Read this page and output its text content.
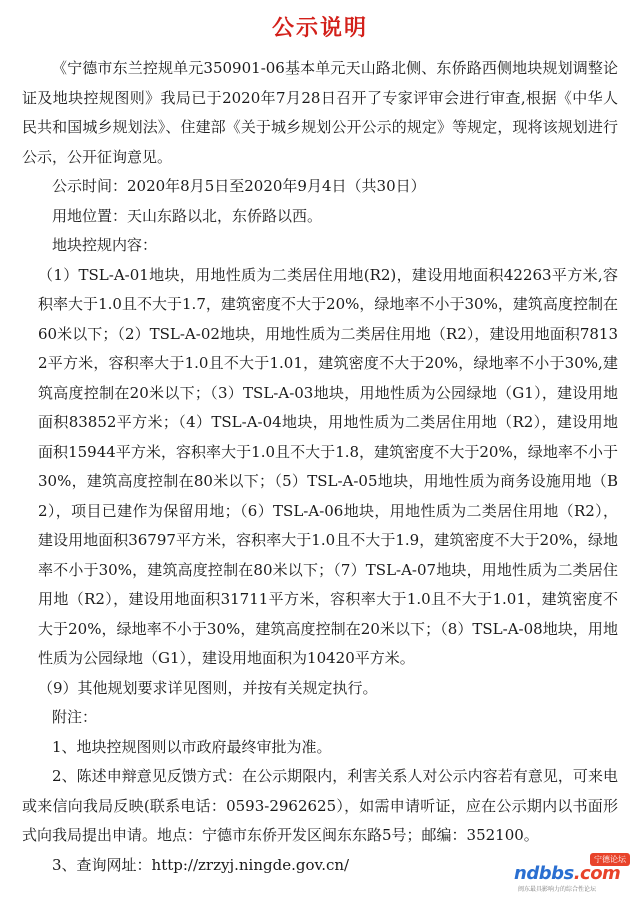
公示说明

《宁德市东兰控规单元350901-06基本单元天山路北侧、东侨路西侧地块规划调整论证及地块控规图则》我局已于2020年7月28日召开了专家评审会进行审查,根据《中华人民共和国城乡规划法》、住建部《关于城乡规划公开公示的规定》等规定，现将该规划进行公示，公开征询意见。

公示时间：2020年8月5日至2020年9月4日（共30日）

用地位置：天山东路以北，东侨路以西。

地块控规内容：

（1）TSL-A-01地块，用地性质为二类居住用地(R2)，建设用地面积42263平方米,容积率大于1.0且不大于1.7，建筑密度不大于20%，绿地率不小于30%，建筑高度控制在60米以下；（2）TSL-A-02地块，用地性质为二类居住用地（R2），建设用地面积78132平方米，容积率大于1.0且不大于1.01，建筑密度不大于20%，绿地率不小于30%,建筑高度控制在20米以下；（3）TSL-A-03地块，用地性质为公园绿地（G1），建设用地面积83852平方米；（4）TSL-A-04地块，用地性质为二类居住用地（R2），建设用地面积15944平方米，容积率大于1.0且不大于1.8，建筑密度不大于20%，绿地率不小于30%，建筑高度控制在80米以下；（5）TSL-A-05地块，用地性质为商务设施用地（B2），项目已建作为保留用地；（6）TSL-A-06地块，用地性质为二类居住用地（R2），建设用地面积36797平方米，容积率大于1.0且不大于1.9，建筑密度不大于20%，绿地率不小于30%，建筑高度控制在80米以下；（7）TSL-A-07地块，用地性质为二类居住用地（R2），建设用地面积31711平方米，容积率大于1.0且不大于1.01，建筑密度不大于20%，绿地率不小于30%，建筑高度控制在20米以下；（8）TSL-A-08地块，用地性质为公园绿地（G1），建设用地面积为10420平方米。

（9）其他规划要求详见图则，并按有关规定执行。

附注：

1、地块控规图则以市政府最终审批为准。

2、陈述申辩意见反馈方式：在公示期限内，利害关系人对公示内容若有意见，可来电或来信向我局反映(联系电话：0593-2962625），如需申请听证，应在公示期内以书面形式向我局提出申请。地点：宁德市东侨开发区闽东东路5号；邮编：352100。

3、查询网址：http://zrzyj.ningde.gov.cn/	宁德论坛
ndbbs.com
闽东最具影响力的综合性论坛
